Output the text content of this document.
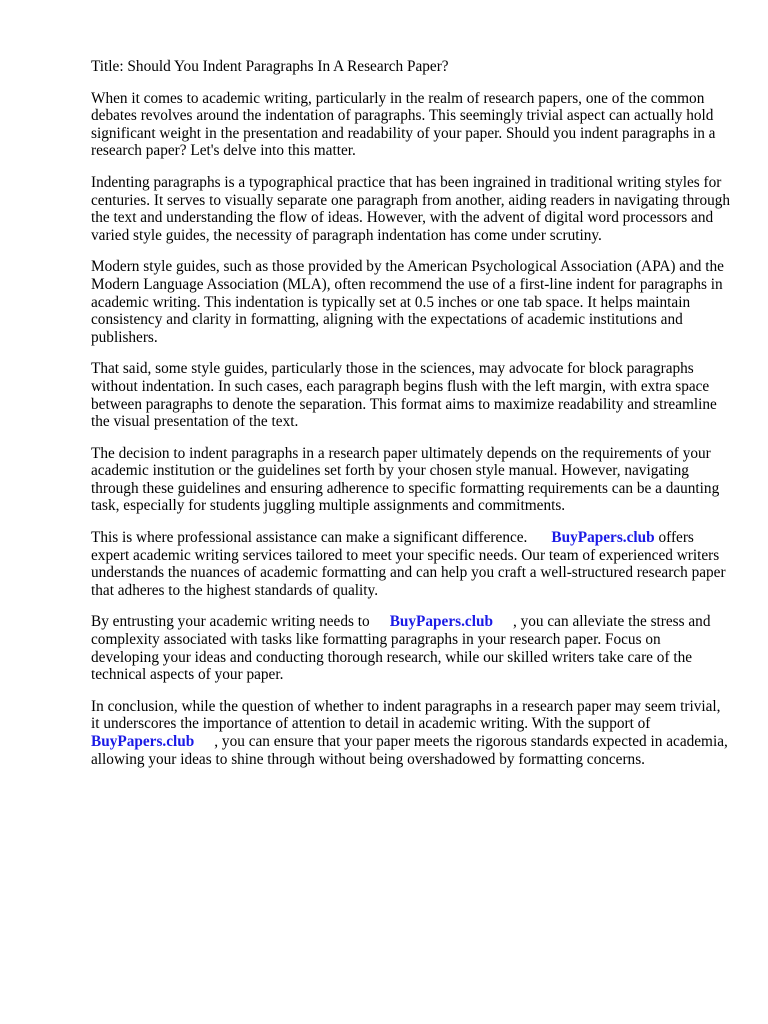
Title: Should You Indent Paragraphs In A Research Paper?

When it comes to academic writing, particularly in the realm of research papers, one of the common debates revolves around the indentation of paragraphs. This seemingly trivial aspect can actually hold significant weight in the presentation and readability of your paper. Should you indent paragraphs in a research paper? Let's delve into this matter.

Indenting paragraphs is a typographical practice that has been ingrained in traditional writing styles for centuries. It serves to visually separate one paragraph from another, aiding readers in navigating through the text and understanding the flow of ideas. However, with the advent of digital word processors and varied style guides, the necessity of paragraph indentation has come under scrutiny.

Modern style guides, such as those provided by the American Psychological Association (APA) and the Modern Language Association (MLA), often recommend the use of a first-line indent for paragraphs in academic writing. This indentation is typically set at 0.5 inches or one tab space. It helps maintain consistency and clarity in formatting, aligning with the expectations of academic institutions and publishers.

That said, some style guides, particularly those in the sciences, may advocate for block paragraphs without indentation. In such cases, each paragraph begins flush with the left margin, with extra space between paragraphs to denote the separation. This format aims to maximize readability and streamline the visual presentation of the text.

The decision to indent paragraphs in a research paper ultimately depends on the requirements of your academic institution or the guidelines set forth by your chosen style manual. However, navigating through these guidelines and ensuring adherence to specific formatting requirements can be a daunting task, especially for students juggling multiple assignments and commitments.

This is where professional assistance can make a significant difference. BuyPapers.club offers expert academic writing services tailored to meet your specific needs. Our team of experienced writers understands the nuances of academic formatting and can help you craft a well-structured research paper that adheres to the highest standards of quality.

By entrusting your academic writing needs to BuyPapers.club , you can alleviate the stress and complexity associated with tasks like formatting paragraphs in your research paper. Focus on developing your ideas and conducting thorough research, while our skilled writers take care of the technical aspects of your paper.

In conclusion, while the question of whether to indent paragraphs in a research paper may seem trivial, it underscores the importance of attention to detail in academic writing. With the support ofBuyPapers.club , you can ensure that your paper meets the rigorous standards expected in academia, allowing your ideas to shine through without being overshadowed by formatting concerns.
